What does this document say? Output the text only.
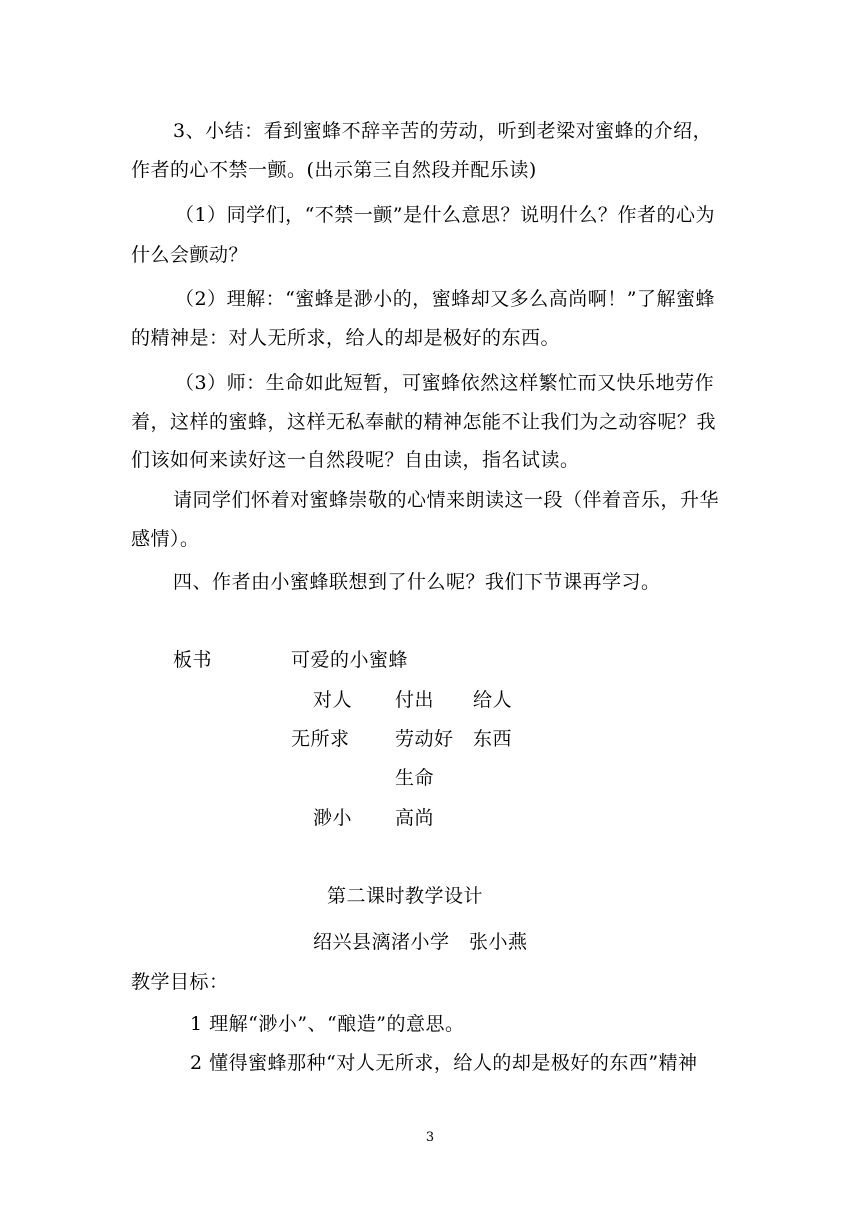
3、小结：看到蜜蜂不辞辛苦的劳动，听到老梁对蜜蜂的介绍，
作者的心不禁一颤。(出示第三自然段并配乐读)
（1）同学们，“不禁一颤”是什么意思？说明什么？作者的心为
什么会颤动？
（2）理解：“蜜蜂是渺小的，蜜蜂却又多么高尚啊！”了解蜜蜂
的精神是：对人无所求，给人的却是极好的东西。
（3）师：生命如此短暂，可蜜蜂依然这样繁忙而又快乐地劳作
着，这样的蜜蜂，这样无私奉献的精神怎能不让我们为之动容呢？我
们该如何来读好这一自然段呢？自由读，指名试读。
请同学们怀着对蜜蜂崇敬的心情来朗读这一段（伴着音乐，升华
感情）。
四、作者由小蜜蜂联想到了什么呢？我们下节课再学习。
板书	可爱的小蜜蜂
对人 付出 给人
无所求 劳动好 东西
生命
渺小 高尚
第二课时教学设计
绍兴县漓渚小学　张小燕
教学目标：
1 理解“渺小”、“酿造”的意思。
2 懂得蜜蜂那种“对人无所求，给人的却是极好的东西”精神
3
